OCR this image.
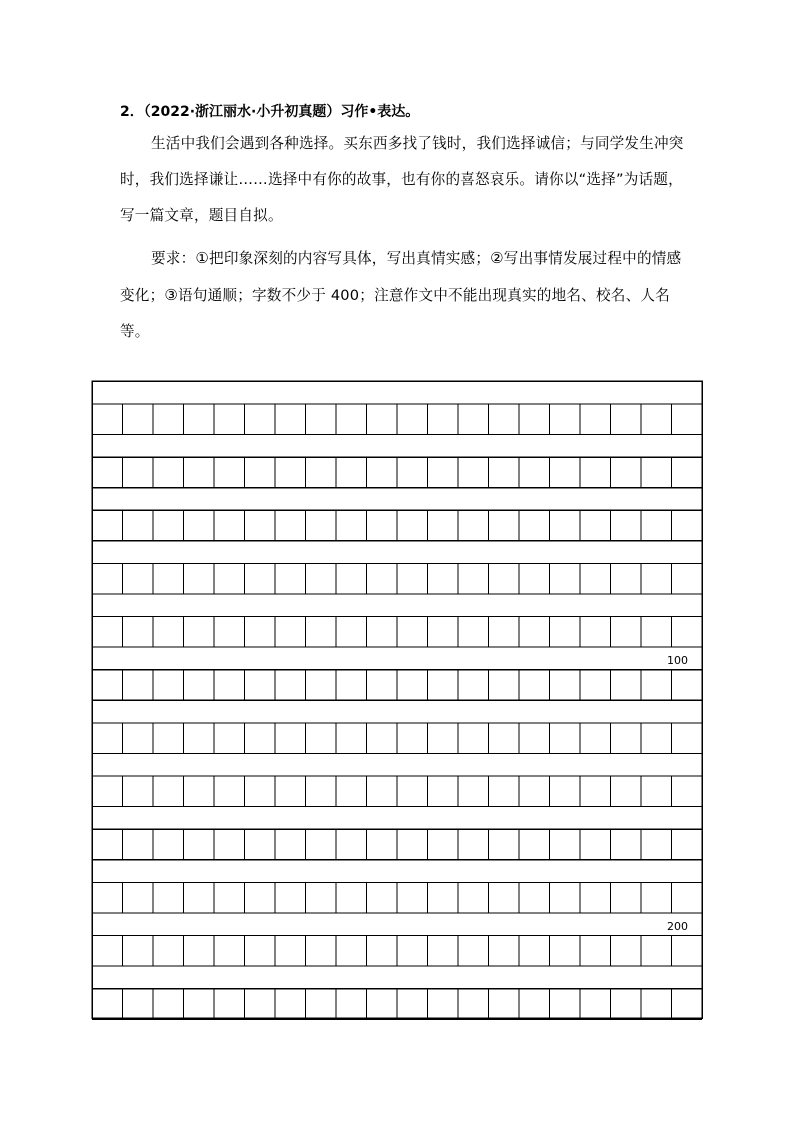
2．（2022·浙江丽水·小升初真题）习作•表达。

生活中我们会遇到各种选择。买东西多找了钱时，我们选择诚信；与同学发生冲突时，我们选择谦让……选择中有你的故事，也有你的喜怒哀乐。请你以“选择”为话题，写一篇文章，题目自拟。

要求：①把印象深刻的内容写具体，写出真情实感；②写出事情发展过程中的情感变化；③语句通顺；字数不少于 400；注意作文中不能出现真实的地名、校名、人名等。

100
200
